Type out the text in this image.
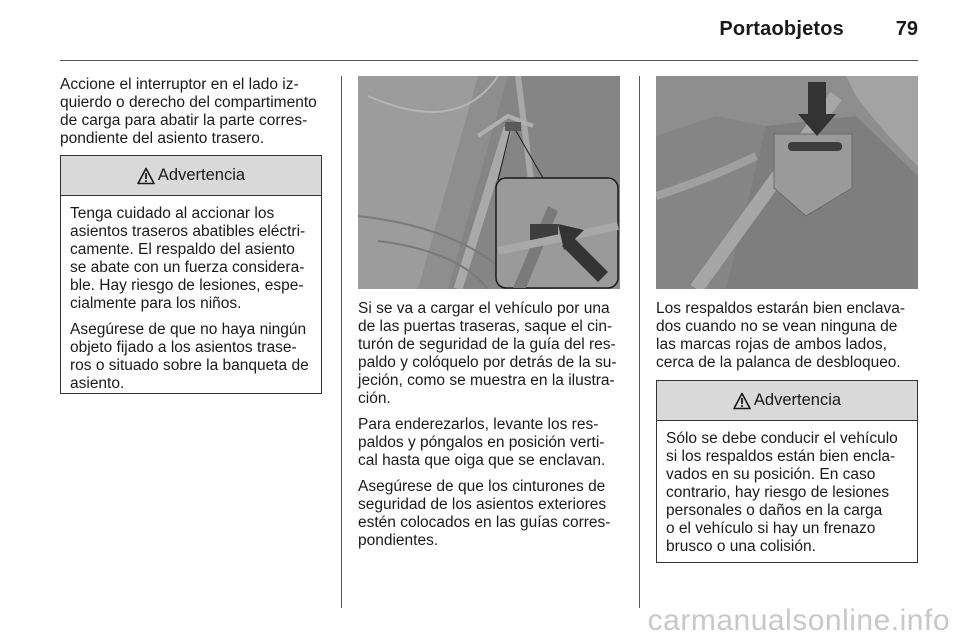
Portaobjetos	79
Accione el interruptor en el lado iz-
quierdo o derecho del compartimento
de carga para abatir la parte corres-
pondiente del asiento trasero.
Advertencia

Tenga cuidado al accionar los
asientos traseros abatibles eléctri-
camente. El respaldo del asiento
se abate con un fuerza considera-
ble. Hay riesgo de lesiones, espe-
cialmente para los niños.

Asegúrese de que no haya ningún
objeto fijado a los asientos trase-
ros o situado sobre la banqueta de
asiento.

Si se va a cargar el vehículo por una
de las puertas traseras, saque el cin-
turón de seguridad de la guía del res-
paldo y colóquelo por detrás de la su-
jeción, como se muestra en la ilustra-
ción.
Para enderezarlos, levante los res-
paldos y póngalos en posición verti-
cal hasta que oiga que se enclavan.
Asegúrese de que los cinturones de
seguridad de los asientos exteriores
estén colocados en las guías corres-
pondientes.
Los respaldos estarán bien enclava-
dos cuando no se vean ninguna de
las marcas rojas de ambos lados,
cerca de la palanca de desbloqueo.
Advertencia

Sólo se debe conducir el vehículo
si los respaldos están bien encla-
vados en su posición. En caso
contrario, hay riesgo de lesiones
personales o daños en la carga
o el vehículo si hay un frenazo
brusco o una colisión.

carmanualsonline.info
